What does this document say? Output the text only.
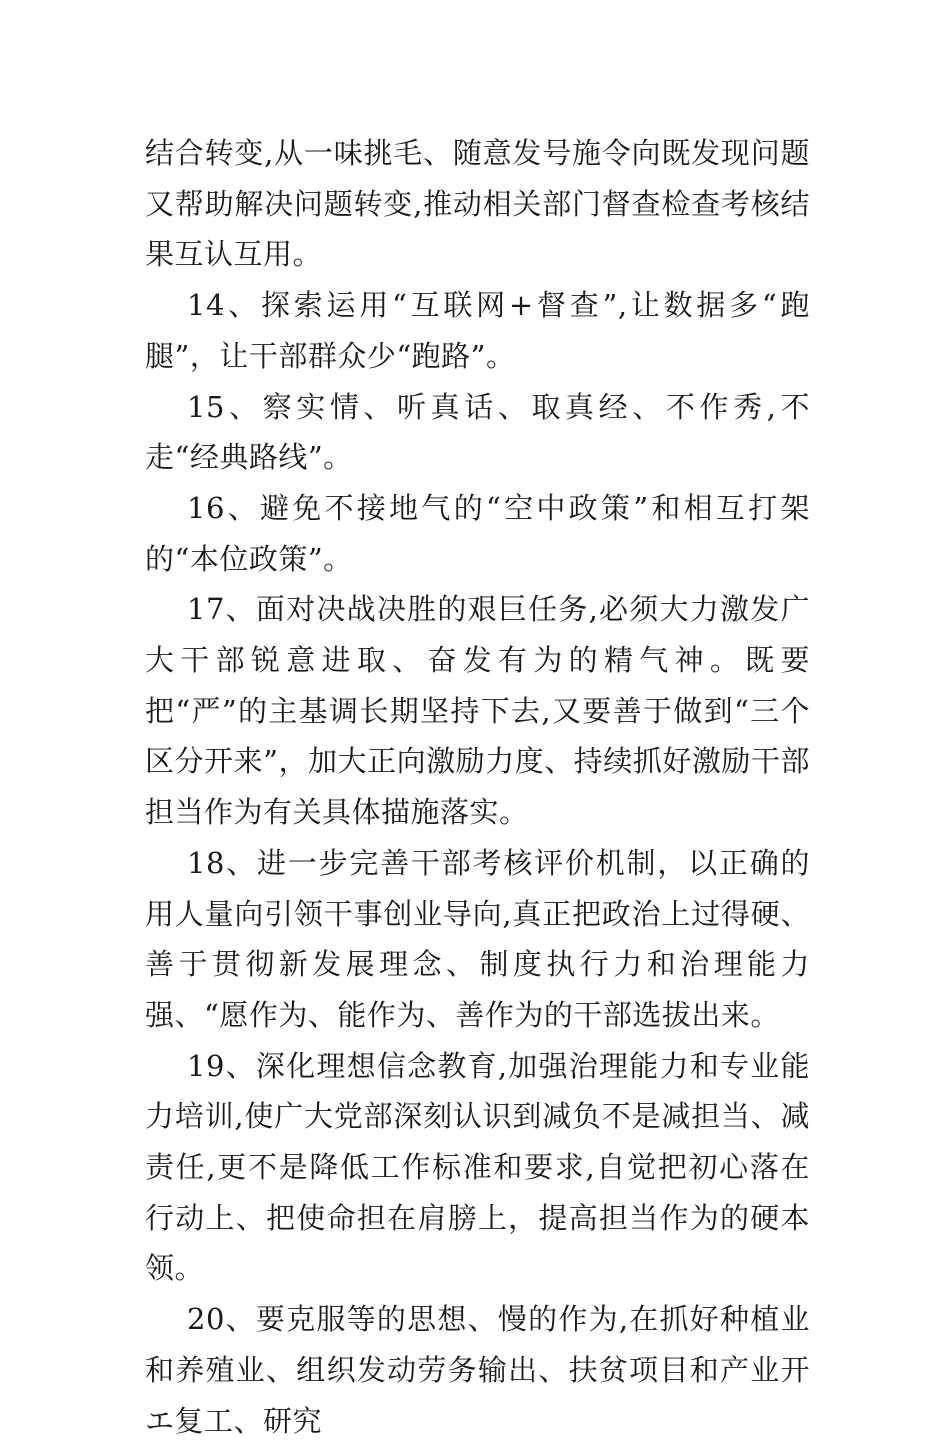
结合转变,从一味挑毛、随意发号施令向既发现问题又帮助解决问题转变,推动相关部门督查检查考核结果互认互用。

14、探索运用“互联网+督查”,让数据多“跑腿”，让干部群众少“跑路”。

15、察实情、听真话、取真经、不作秀,不走“经典路线”。

16、避免不接地气的“空中政策”和相互打架的“本位政策”。

17、面对决战决胜的艰巨任务,必须大力激发广大干部锐意进取、奋发有为的精气神。既要把“严”的主基调长期坚持下去,又要善于做到“三个区分开来”，加大正向激励力度、持续抓好激励干部担当作为有关具体描施落实。

18、进一步完善干部考核评价机制，以正确的用人量向引领干事创业导向,真正把政治上过得硬、善于贯彻新发展理念、制度执行力和治理能力强、“愿作为、能作为、善作为的干部选拔出来。

19、深化理想信念教育,加强治理能力和专业能力培训,使广大党部深刻认识到减负不是减担当、减责任,更不是降低工作标准和要求,自觉把初心落在行动上、把使命担在肩膀上，提高担当作为的硬本领。

20、要克服等的思想、慢的作为,在抓好种植业和养殖业、组织发动劳务输出、扶贫项目和产业开エ复工、研究
